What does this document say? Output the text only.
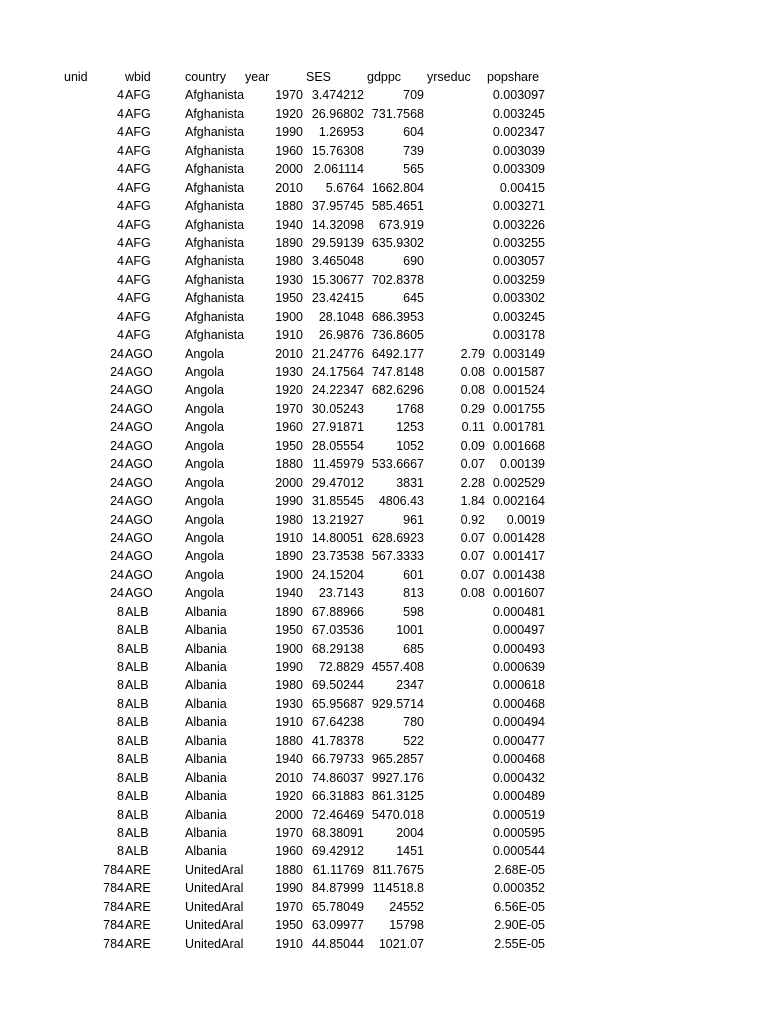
unid	wbid	country year	SES	gdppc yrseduc popshare
4 AFG	Afghanista 1970 3.474212	709	0.003097
4 AFG	Afghanista 1920 26.96802 731.7568	0.003245
4 AFG	Afghanista 1990 1.26953	604	0.002347
4 AFG	Afghanista 1960 15.76308	739	0.003039
4 AFG	Afghanista 2000 2.061114	565	0.003309
4 AFG	Afghanista 2010 5.6764 1662.804	0.00415
4 AFG	Afghanista 1880 37.95745 585.4651	0.003271
4 AFG	Afghanista 1940 14.32098 673.919	0.003226
4 AFG	Afghanista 1890 29.59139 635.9302	0.003255
4 AFG	Afghanista 1980 3.465048	690	0.003057
4 AFG	Afghanista 1930 15.30677 702.8378	0.003259
4 AFG	Afghanista 1950 23.42415	645	0.003302
4 AFG	Afghanista 1900 28.1048 686.3953	0.003245
4 AFG	Afghanista 1910 26.9876 736.8605	0.003178
24 AGO	Angola	2010 21.24776 6492.177	2.79 0.003149
24 AGO	Angola	1930 24.17564 747.8148	0.08 0.001587
24 AGO	Angola	1920 24.22347 682.6296	0.08 0.001524
24 AGO	Angola	1970 30.05243	1768	0.29 0.001755
24 AGO	Angola	1960 27.91871	1253	0.11 0.001781
24 AGO	Angola	1950 28.05554	1052	0.09 0.001668
24 AGO	Angola	1880 11.45979 533.6667	0.07 0.00139
24 AGO	Angola	2000 29.47012	3831	2.28 0.002529
24 AGO	Angola	1990 31.85545 4806.43	1.84 0.002164
24 AGO	Angola	1980 13.21927	961	0.92 0.0019
24 AGO	Angola	1910 14.80051 628.6923	0.07 0.001428
24 AGO	Angola	1890 23.73538 567.3333	0.07 0.001417
24 AGO	Angola	1900 24.15204	601	0.07 0.001438
24 AGO	Angola	1940 23.7143	813	0.08 0.001607
8 ALB	Albania	1890 67.88966	598	0.000481
8 ALB	Albania	1950 67.03536	1001	0.000497
8 ALB	Albania	1900 68.29138	685	0.000493
8 ALB	Albania	1990 72.8829 4557.408	0.000639
8 ALB	Albania	1980 69.50244	2347	0.000618
8 ALB	Albania	1930 65.95687 929.5714	0.000468
8 ALB	Albania	1910 67.64238	780	0.000494
8 ALB	Albania	1880 41.78378	522	0.000477
8 ALB	Albania	1940 66.79733 965.2857	0.000468
8 ALB	Albania	2010 74.86037 9927.176	0.000432
8 ALB	Albania	1920 66.31883 861.3125	0.000489
8 ALB	Albania	2000 72.46469 5470.018	0.000519
8 ALB	Albania	1970 68.38091	2004	0.000595
8 ALB	Albania	1960 69.42912	1451	0.000544
784 ARE	UnitedAral	1880 61.11769 811.7675	2.68E-05
784 ARE	UnitedAral	1990 84.87999 114518.8	0.000352
784 ARE	UnitedAral	1970 65.78049 24552	6.56E-05
784 ARE	UnitedAral	1950 63.09977 15798	2.90E-05
784 ARE	UnitedAral	1910 44.85044 1021.07	2.55E-05
